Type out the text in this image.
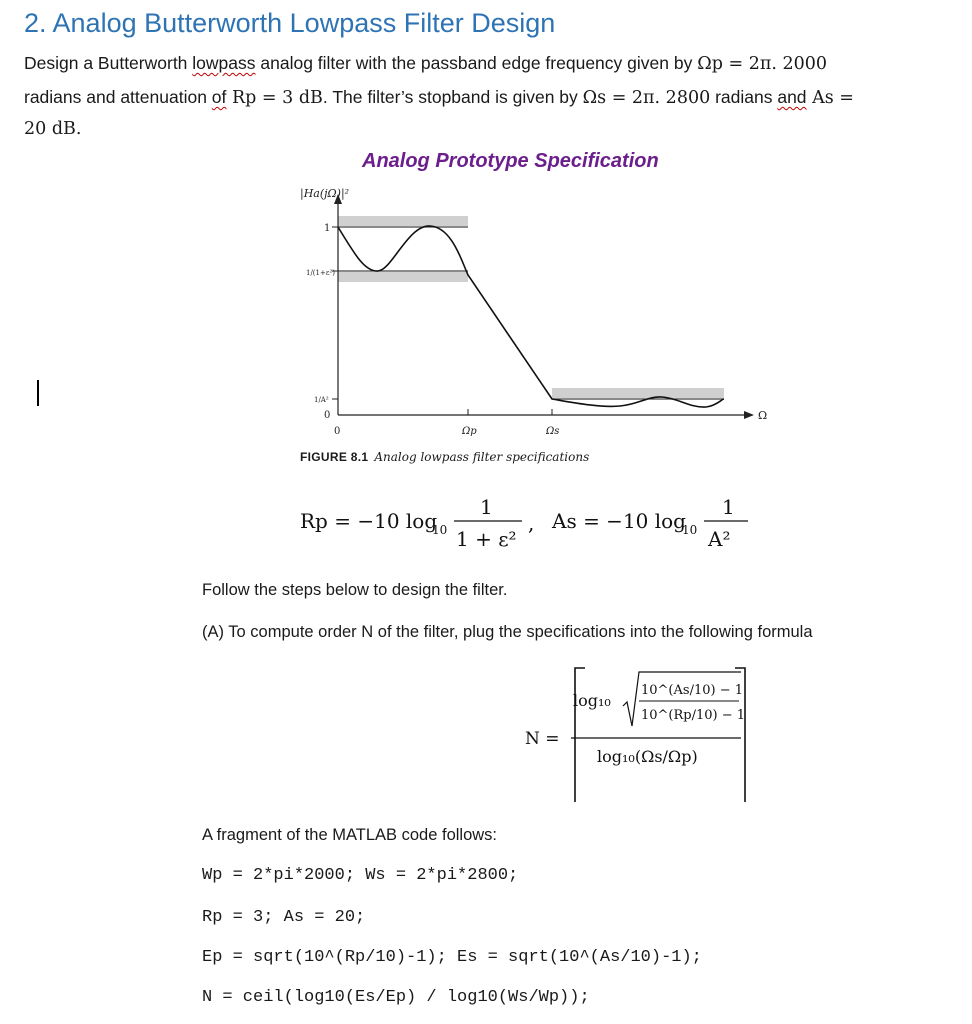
2. Analog Butterworth Lowpass Filter Design
Design a Butterworth lowpass analog filter with the passband edge frequency given by Ωp = 2π. 2000
radians and attenuation of Rp = 3 dB. The filter’s stopband is given by Ωs = 2π. 2800 radians and As =
20 dB.
Analog Prototype Specification
|Ha(jΩ)|²
1
1/(1+ε²)
1/A²
0
0	Ωp	Ωs
Ω
FIGURE 8.1 Analog lowpass filter specifications
Rp = −10 log
10
1
1 + ε²
, As = −10 log
10
1
A²
Follow the steps below to design the filter.
(A) To compute order N of the filter, plug the specifications into the following formula
N =
log₁₀
10^(As/10) − 1
10^(Rp/10) − 1
log₁₀(Ωs/Ωp)
A fragment of the MATLAB code follows:
Wp = 2*pi*2000; Ws = 2*pi*2800;
Rp = 3; As = 20;
Ep = sqrt(10^(Rp/10)-1); Es = sqrt(10^(As/10)-1);
N = ceil(log10(Es/Ep) / log10(Ws/Wp));
